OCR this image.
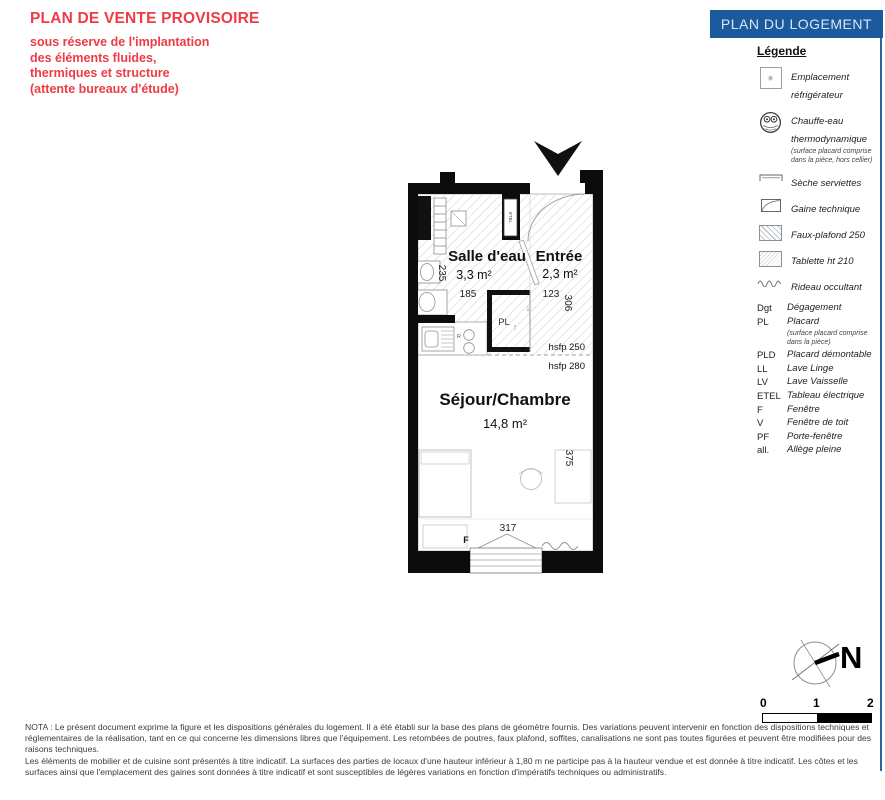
PLAN DE VENTE PROVISOIRE

sous réserve de l'implantation

des éléments fluides,

thermiques et structure

(attente bureaux d'étude)

PLAN DU LOGEMENT

Légende

✳
Emplacement réfrigérateur
Chauffe-eau thermodynamique
(surface placard comprise dans la pièce, hors cellier)
Sèche serviettes
Gaine technique
Faux-plafond 250
Tablette ht 210
Rideau occultant
Dgt	Dégagement
PL	Placard
(surface placard comprise dans la pièce)
PLD	Placard démontable
LL	Lave Linge
LV	Lave Vaisselle
ETEL Tableau électrique
F	Fenêtre
V	Fenêtre de toit
PF	Porte-fenêtre
all.	Allège pleine
ETEL
Salle d'eau
3,3 m²
Entrée
2,3 m²
Séjour/Chambre
14,8 m²
185
235
123
306
375
317
hsfp 250
hsfp 280
PL
F
R
↓
↑
N
0	1	2

NOTA : Le présent document exprime la figure et les dispositions générales du logement. Il a été établi sur la base des plans de géomètre fournis. Des variations peuvent intervenir en fonction des dispositions techniques et réglementaires de la réalisation, tant en ce qui concerne les dimensions libres que l'équipement. Les retombées de poutres, faux plafond, soffites, canalisations ne sont pas toutes figurées et peuvent être modifiées pour des raisons techniques.

Les éléments de mobilier et de cuisine sont présentés à titre indicatif. La surfaces des parties de locaux d'une hauteur inférieur à 1,80 m ne participe pas à la hauteur vendue et est donnée à titre indicatif. Les côtes et les surfaces ainsi que l'emplacement des gaines sont données à titre indicatif et sont susceptibles de légères variations en fonction d'impératifs techniques ou administratifs.
